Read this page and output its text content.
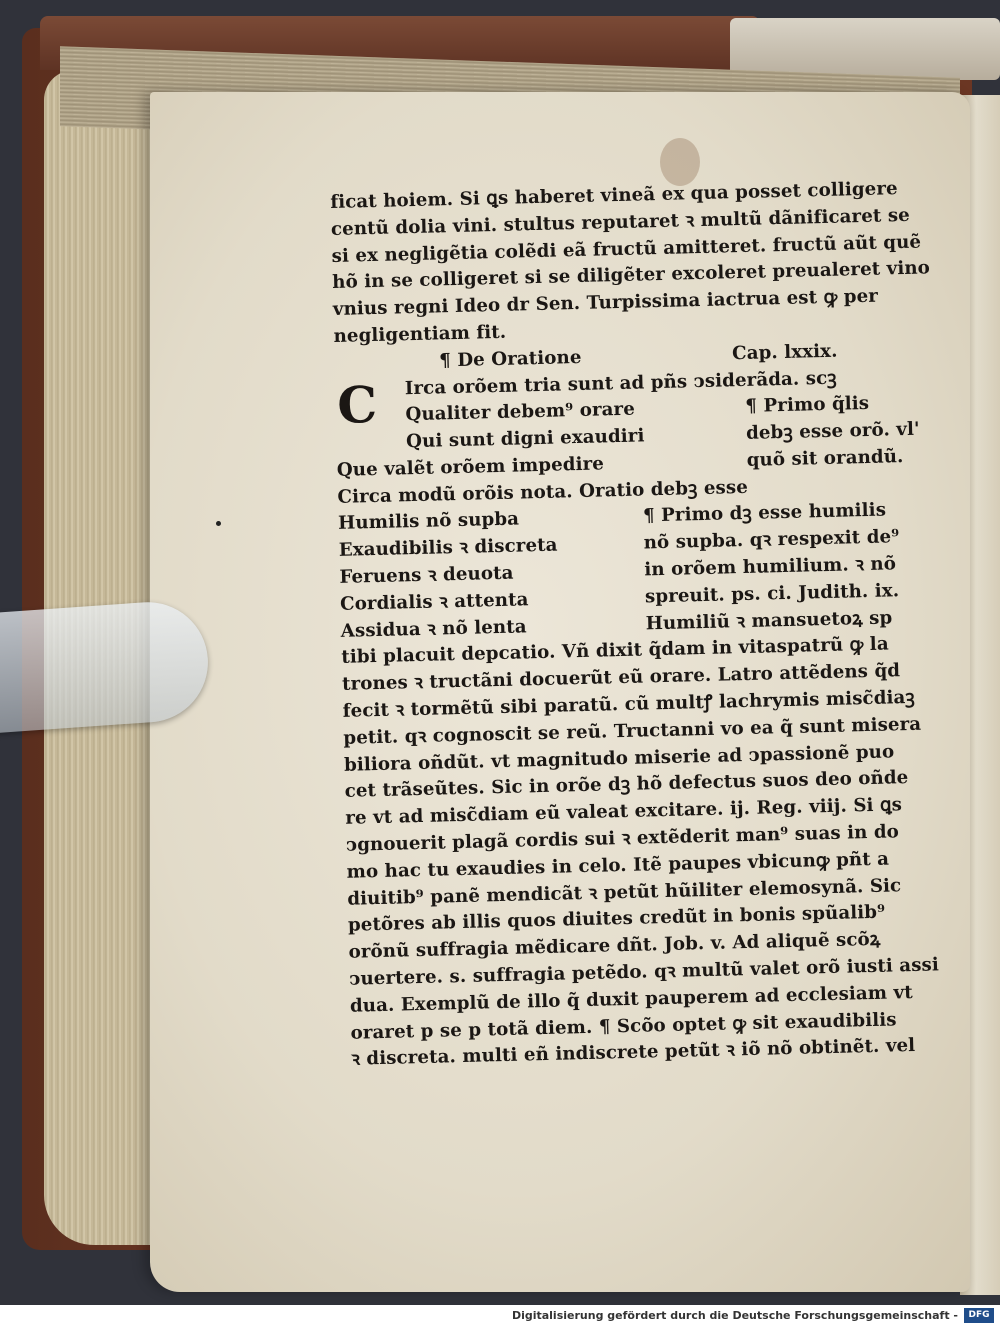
ficat hoiem. Si ꝗs haberet vineã ex qua posset colligere
centũ dolia vini. stultus reputaret ꝛ multũ dãnificaret se
si ex negligẽtia colẽdi eã fructũ amitteret. fructũ aũt quẽ
hõ in se colligeret si se diligẽter excoleret preualeret vino
vnius regni Ideo dr Sen. Turpissima iactrua est ꝙ per
negligentiam fit.
¶ De Oratione	Cap. lxxix.
C	Irca orõem tria sunt ad pñs ↄsiderãda. scꝫ
Qualiter debem⁹ orare	¶ Primo q̃lis
Qui sunt digni exaudiri	debꝫ esse orõ. vl'
Que valẽt orõem impedire	quõ sit orandũ.
Circa modũ orõis nota. Oratio debꝫ esse
Humilis nõ supba	¶ Primo dꝫ esse humilis
Exaudibilis ꝛ discreta	nõ supba. qꝛ respexit de⁹
Feruens ꝛ deuota	in orõem humilium. ꝛ nõ
Cordialis ꝛ attenta	spreuit. ps. ci. Judith. ix.
Assidua ꝛ nõ lenta	Humiliũ ꝛ mansuetoꝝ sp
tibi placuit depcatio. Vñ dixit q̃dam in vitaspatrũ ꝙ la
trones ꝛ tructãni docuerũt eũ orare. Latro attẽdens q̃d
fecit ꝛ tormẽtũ sibi paratũ. cũ multꝭ lachrymis misc̃diaꝫ
petit. qꝛ cognoscit se reũ. Tructanni vo ea q̃ sunt misera
biliora oñdũt. vt magnitudo miserie ad ↄpassionẽ puo
cet trãseũtes. Sic in orõe dꝫ hõ defectus suos deo oñde
re vt ad misc̃diam eũ valeat excitare. ij. Reg. viij. Si ꝗs
ↄgnouerit plagã cordis sui ꝛ extẽderit man⁹ suas in do
mo hac tu exaudies in celo. Itẽ paupes vbicunꝙ pñt a
diuitib⁹ panẽ mendicãt ꝛ petũt hũiliter elemosynã. Sic
petõres ab illis quos diuites credũt in bonis spũalib⁹
orõnũ suffragia mẽdicare dñt. Job. v. Ad aliquẽ scõꝝ
ↄuertere. s. suffragia petẽdo. qꝛ multũ valet orõ iusti assi
dua. Exemplũ de illo q̃ duxit pauperem ad ecclesiam vt
oraret p se p totã diem. ¶ Scõo optet ꝙ sit exaudibilis
ꝛ discreta. multi eñ indiscrete petũt ꝛ iõ nõ obtinẽt. vel
Digitalisierung gefördert durch die Deutsche Forschungsgemeinschaft -	DFG
